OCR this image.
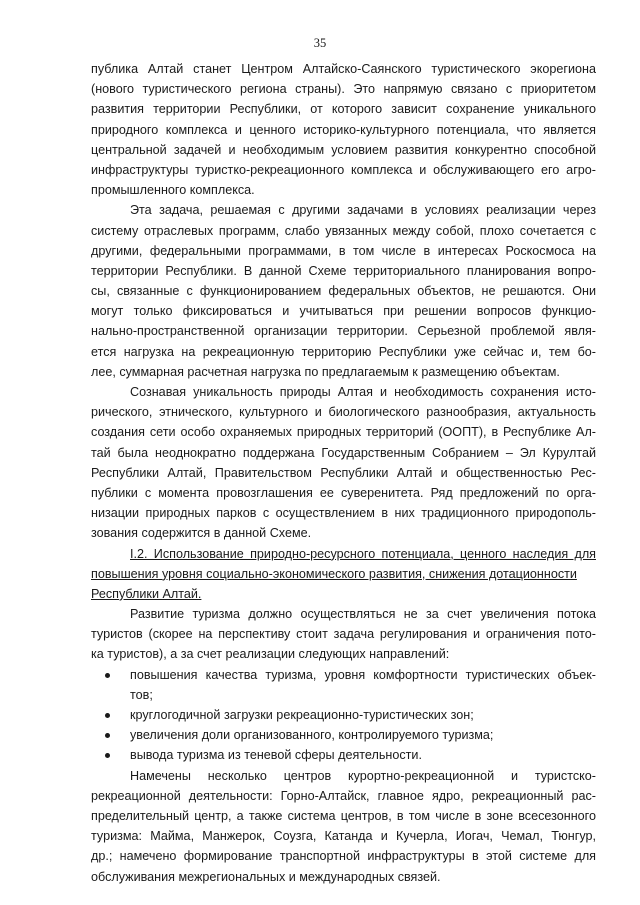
35
публика Алтай станет Центром Алтайско-Саянского туристического экорегиона
(нового туристического региона страны). Это напрямую связано с приоритетом
развития территории Республики, от которого зависит сохранение уникального
природного комплекса и ценного историко-культурного потенциала, что является
центральной задачей и необходимым условием развития конкурентно способной
инфраструктуры туристко-рекреационного комплекса и обслуживающего его агро-
промышленного комплекса.
Эта задача, решаемая с другими задачами в условиях реализации через
систему отраслевых программ, слабо увязанных между собой, плохо сочетается с
другими, федеральными программами, в том числе в интересах Роскосмоса на
территории Республики. В данной Схеме территориального планирования вопро-
сы, связанные с функционированием федеральных объектов, не решаются. Они
могут только фиксироваться и учитываться при решении вопросов функцио-
нально-пространственной организации территории. Серьезной проблемой явля-
ется нагрузка на рекреационную территорию Республики уже сейчас и, тем бо-
лее, суммарная расчетная нагрузка по предлагаемым к размещению объектам.
Сознавая уникальность природы Алтая и необходимость сохранения исто-
рического, этнического, культурного и биологического разнообразия, актуальность
создания сети особо охраняемых природных территорий (ООПТ), в Республике Ал-
тай была неоднократно поддержана Государственным Собранием – Эл Курултай
Республики Алтай, Правительством Республики Алтай и общественностью Рес-
публики с момента провозглашения ее суверенитета. Ряд предложений по орга-
низации природных парков с осуществлением в них традиционного природополь-
зования содержится в данной Схеме.
I.2. Использование природно-ресурсного потенциала, ценного наследия для
повышения уровня социально-экономического развития, снижения дотационности
Республики Алтай.
Развитие туризма должно осуществляться не за счет увеличения потока
туристов (скорее на перспективу стоит задача регулирования и ограничения пото-
ка туристов), а за счет реализации следующих направлений:
повышения качества туризма, уровня комфортности туристических объек-
тов;
круглогодичной загрузки рекреационно-туристических зон;
увеличения доли организованного, контролируемого туризма;
вывода туризма из теневой сферы деятельности.
Намечены несколько центров курортно-рекреационной и туристско-
рекреационной деятельности: Горно-Алтайск, главное ядро, рекреационный рас-
пределительный центр, а также система центров, в том числе в зоне всесезонного
туризма: Майма, Манжерок, Соузга, Катанда и Кучерла, Иогач, Чемал, Тюнгур,
др.; намечено формирование транспортной инфраструктуры в этой системе для
обслуживания межрегиональных и международных связей.
